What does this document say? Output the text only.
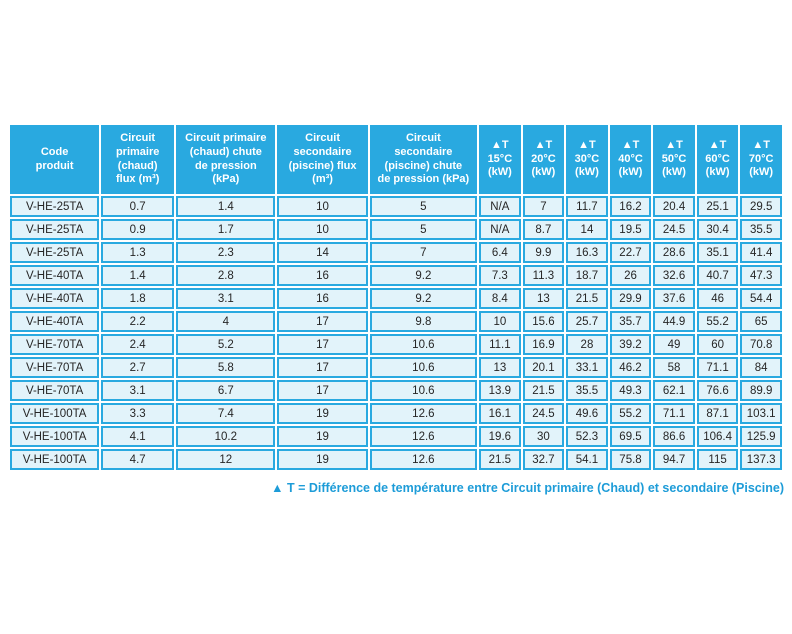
Code
produit	Circuit
primaire
(chaud)
flux (m³)	Circuit primaire
(chaud) chute
de pression
(kPa)	Circuit
secondaire
(piscine) flux
(m³)	Circuit
secondaire
(piscine) chute
de pression (kPa)	▲T
15°C
(kW)	▲T
20°C
(kW)	▲T
30°C
(kW)	▲T
40°C
(kW)	▲T
50°C
(kW)	▲T
60°C
(kW)	▲T
70°C
(kW)
V-HE-25TA	0.7	1.4	10	5	N/A	7	11.7	16.2	20.4	25.1	29.5
V-HE-25TA	0.9	1.7	10	5	N/A	8.7	14	19.5	24.5	30.4	35.5
V-HE-25TA	1.3	2.3	14	7	6.4	9.9	16.3	22.7	28.6	35.1	41.4
V-HE-40TA	1.4	2.8	16	9.2	7.3	11.3	18.7	26	32.6	40.7	47.3
V-HE-40TA	1.8	3.1	16	9.2	8.4	13	21.5	29.9	37.6	46	54.4
V-HE-40TA	2.2	4	17	9.8	10	15.6	25.7	35.7	44.9	55.2	65
V-HE-70TA	2.4	5.2	17	10.6	11.1	16.9	28	39.2	49	60	70.8
V-HE-70TA	2.7	5.8	17	10.6	13	20.1	33.1	46.2	58	71.1	84
V-HE-70TA	3.1	6.7	17	10.6	13.9	21.5	35.5	49.3	62.1	76.6	89.9
V-HE-100TA	3.3	7.4	19	12.6	16.1	24.5	49.6	55.2	71.1	87.1	103.1
V-HE-100TA	4.1	10.2	19	12.6	19.6	30	52.3	69.5	86.6	106.4	125.9
V-HE-100TA	4.7	12	19	12.6	21.5	32.7	54.1	75.8	94.7	115	137.3
▲ T = Différence de température entre Circuit primaire (Chaud) et secondaire (Piscine)
